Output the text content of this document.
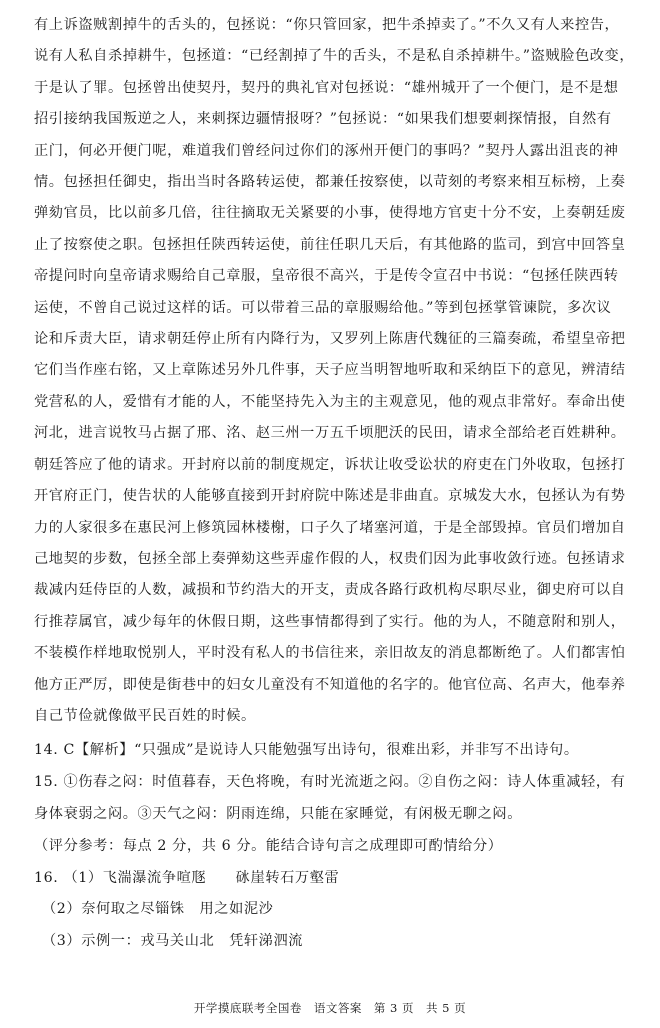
有上诉盗贼割掉牛的舌头的，包拯说：“你只管回家，把牛杀掉卖了。”不久又有人来控告，

说有人私自杀掉耕牛，包拯道：“已经割掉了牛的舌头，不是私自杀掉耕牛。”盗贼脸色改变，

于是认了罪。包拯曾出使契丹，契丹的典礼官对包拯说：“雄州城开了一个便门，是不是想

招引接纳我国叛逆之人，来刺探边疆情报呀？”包拯说：“如果我们想要刺探情报，自然有

正门，何必开便门呢，难道我们曾经问过你们的涿州开便门的事吗？”契丹人露出沮丧的神

情。包拯担任御史，指出当时各路转运使，都兼任按察使，以苛刻的考察来相互标榜，上奏

弹劾官员，比以前多几倍，往往摘取无关紧要的小事，使得地方官吏十分不安，上奏朝廷废

止了按察使之职。包拯担任陕西转运使，前往任职几天后，有其他路的监司，到宫中回答皇

帝提问时向皇帝请求赐给自己章服，皇帝很不高兴，于是传令宣召中书说：“包拯任陕西转

运使，不曾自己说过这样的话。可以带着三品的章服赐给他。”等到包拯掌管谏院，多次议

论和斥责大臣，请求朝廷停止所有内降行为，又罗列上陈唐代魏征的三篇奏疏，希望皇帝把

它们当作座右铭，又上章陈述另外几件事，天子应当明智地听取和采纳臣下的意见，辨清结

党营私的人，爱惜有才能的人，不能坚持先入为主的主观意见，他的观点非常好。奉命出使

河北，进言说牧马占据了邢、洺、赵三州一万五千顷肥沃的民田，请求全部给老百姓耕种。

朝廷答应了他的请求。开封府以前的制度规定，诉状让收受讼状的府吏在门外收取，包拯打

开官府正门，使告状的人能够直接到开封府院中陈述是非曲直。京城发大水，包拯认为有势

力的人家很多在惠民河上修筑园林楼榭，口子久了堵塞河道，于是全部毁掉。官员们增加自

己地契的步数，包拯全部上奏弹劾这些弄虚作假的人，权贵们因为此事收敛行迹。包拯请求

裁减内廷侍臣的人数，减损和节约浩大的开支，责成各路行政机构尽职尽业，御史府可以自

行推荐属官，减少每年的休假日期，这些事情都得到了实行。他的为人，不随意附和别人，

不装模作样地取悦别人，平时没有私人的书信往来，亲旧故友的消息都断绝了。人们都害怕

他方正严厉，即使是街巷中的妇女儿童没有不知道他的名字的。他官位高、名声大，他奉养

自己节俭就像做平民百姓的时候。

14. C【解析】“只强成”是说诗人只能勉强写出诗句，很难出彩，并非写不出诗句。

15. ①伤春之闷：时值暮春，天色将晚，有时光流逝之闷。②自伤之闷：诗人体重减轻，有

身体衰弱之闷。③天气之闷：阴雨连绵，只能在家睡觉，有闲极无聊之闷。

（评分参考：每点 2 分，共 6 分。能结合诗句言之成理即可酌情给分）

16. （1）飞湍瀑流争喧豗　　砯崖转石万壑雷

（2）奈何取之尽锱铢　用之如泥沙

（3）示例一：戎马关山北　凭轩涕泗流

开学摸底联考全国卷　语文答案　第 3 页　共 5 页
